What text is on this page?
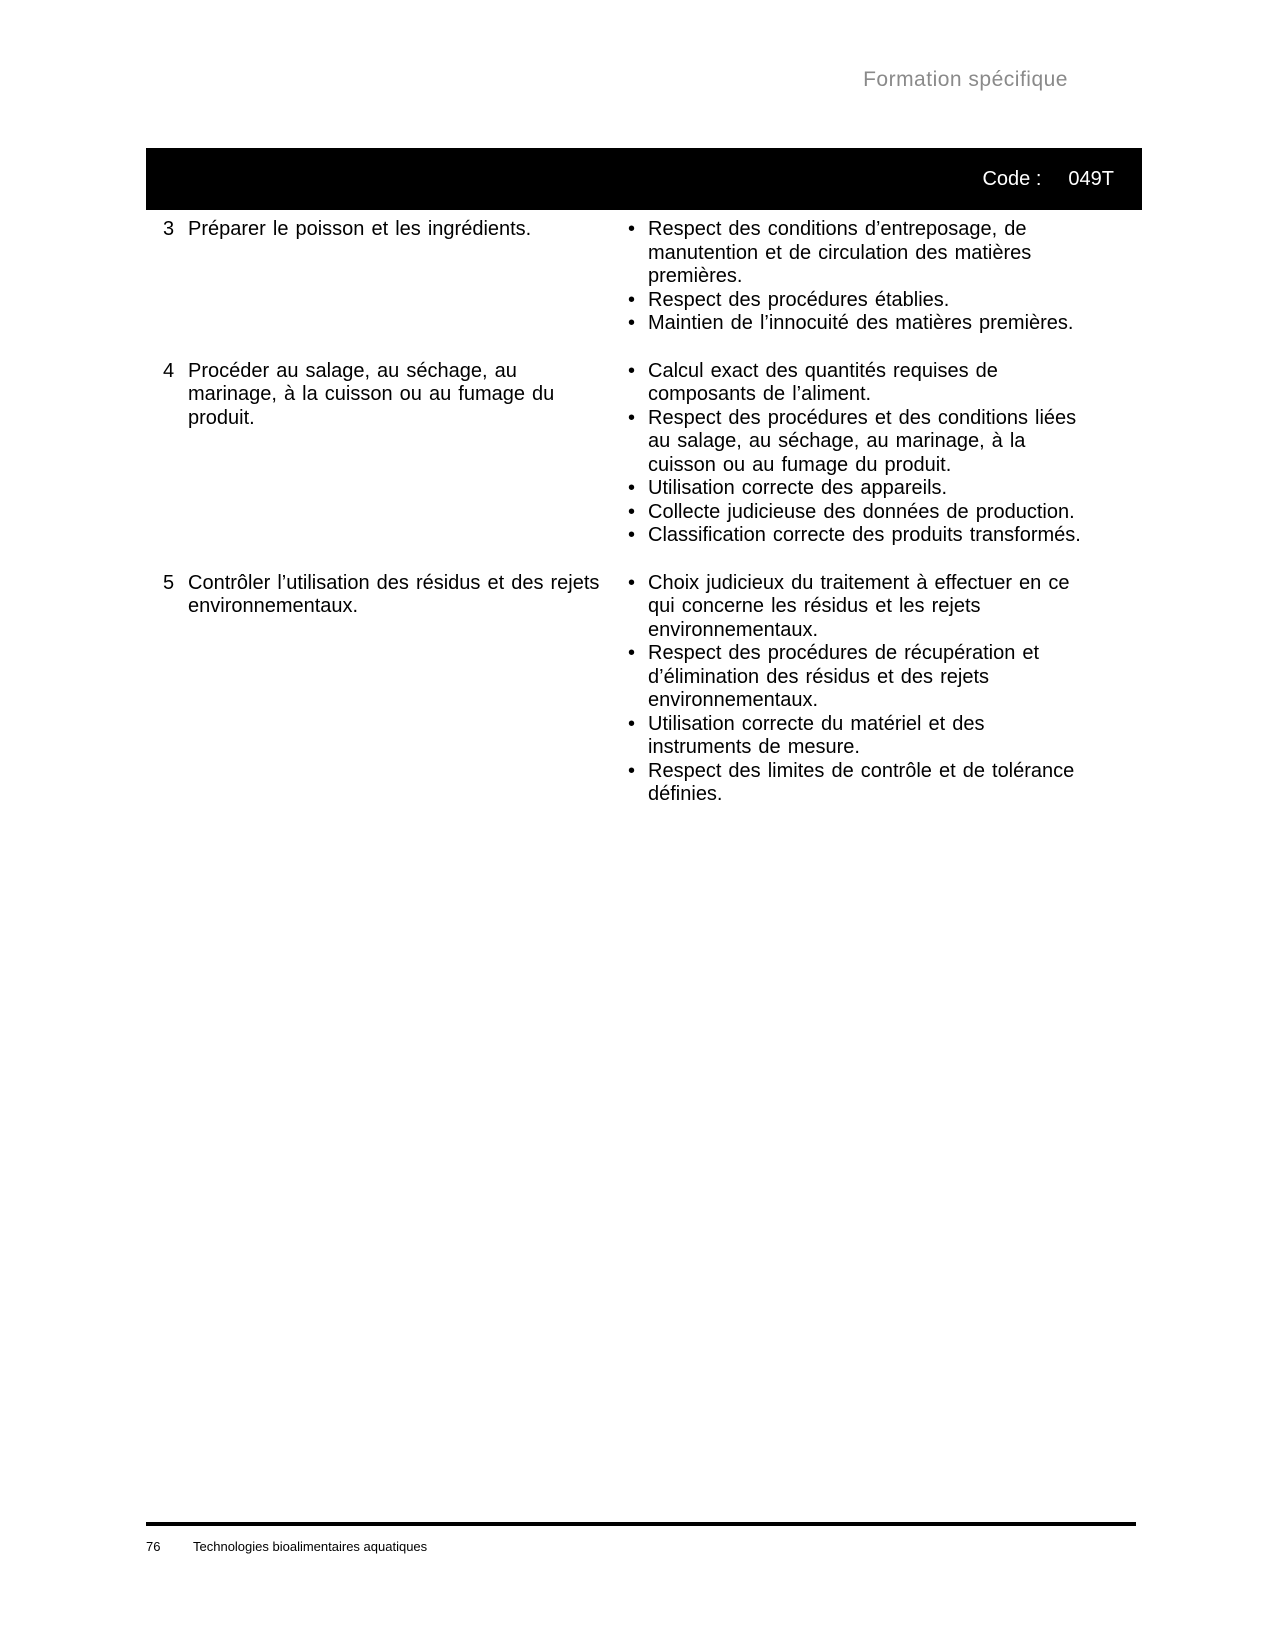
Formation spécifique
Code : 049T
3 Préparer le poisson et les ingrédients.	• Respect des conditions d’entreposage, de manutention et de circulation des matières premières.
• Respect des procédures établies.
• Maintien de l’innocuité des matières premières.
4 Procéder au salage, au séchage, au marinage, à la cuisson ou au fumage du produit.
• Calcul exact des quantités requises de composants de l’aliment.
• Respect des procédures et des conditions liées au salage, au séchage, au marinage, à la cuisson ou au fumage du produit.
• Utilisation correcte des appareils.
• Collecte judicieuse des données de production.
• Classification correcte des produits transformés.
5 Contrôler l’utilisation des résidus et des rejets environnementaux.
• Choix judicieux du traitement à effectuer en ce qui concerne les résidus et les rejets environnementaux.
• Respect des procédures de récupération et d’élimination des résidus et des rejets environnementaux.
• Utilisation correcte du matériel et des instruments de mesure.
• Respect des limites de contrôle et de tolérance définies.
76	Technologies bioalimentaires aquatiques
